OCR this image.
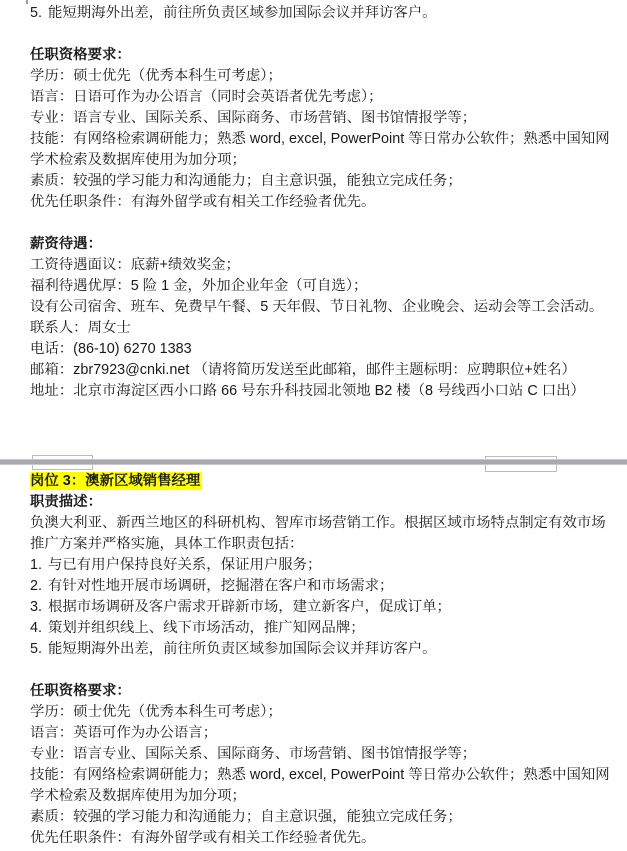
5. 能短期海外出差，前往所负责区域参加国际会议并拜访客户。
任职资格要求：
学历：硕士优先（优秀本科生可考虑）；
语言：日语可作为办公语言（同时会英语者优先考虑）；
专业：语言专业、国际关系、国际商务、市场营销、图书馆情报学等；
技能：有网络检索调研能力；熟悉 word, excel, PowerPoint 等日常办公软件；熟悉中国知网学术检索及数据库使用为加分项；
素质：较强的学习能力和沟通能力；自主意识强，能独立完成任务；
优先任职条件：有海外留学或有相关工作经验者优先。
薪资待遇：
工资待遇面议：底薪+绩效奖金；
福利待遇优厚：5 险 1 金，外加企业年金（可自选）；
设有公司宿舍、班车、免费早午餐、5 天年假、节日礼物、企业晚会、运动会等工会活动。
联系人：周女士
电话：(86-10) 6270 1383
邮箱：zbr7923@cnki.net （请将简历发送至此邮箱，邮件主题标明：应聘职位+姓名）
地址：北京市海淀区西小口路 66 号东升科技园北领地 B2 楼（8 号线西小口站 C 口出）
岗位 3：澳新区域销售经理
职责描述：
负澳大利亚、新西兰地区的科研机构、智库市场营销工作。根据区域市场特点制定有效市场推广方案并严格实施，具体工作职责包括：
1. 与已有用户保持良好关系，保证用户服务；
2. 有针对性地开展市场调研，挖掘潜在客户和市场需求；
3. 根据市场调研及客户需求开辟新市场，建立新客户，促成订单；
4. 策划并组织线上、线下市场活动，推广知网品牌；
5. 能短期海外出差，前往所负责区域参加国际会议并拜访客户。
任职资格要求：
学历：硕士优先（优秀本科生可考虑）；
语言：英语可作为办公语言；
专业：语言专业、国际关系、国际商务、市场营销、图书馆情报学等；
技能：有网络检索调研能力；熟悉 word, excel, PowerPoint 等日常办公软件；熟悉中国知网学术检索及数据库使用为加分项；
素质：较强的学习能力和沟通能力；自主意识强，能独立完成任务；
优先任职条件：有海外留学或有相关工作经验者优先。
